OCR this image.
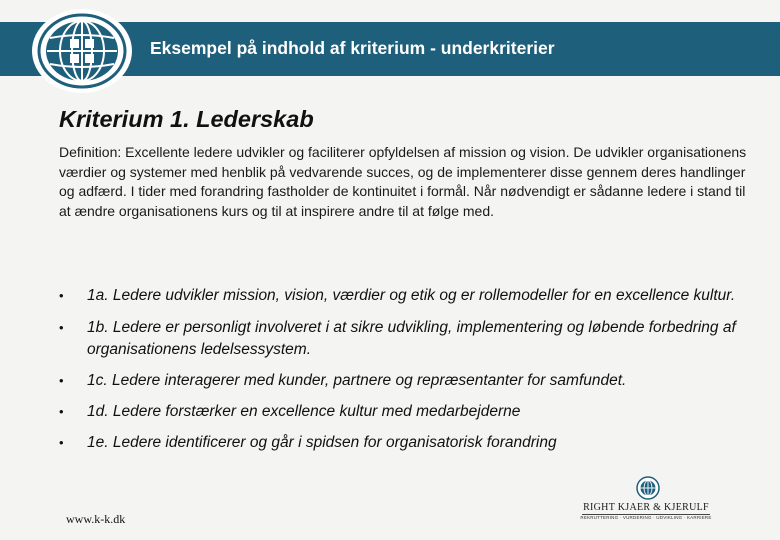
Eksempel på indhold af kriterium - underkriterier
Kriterium 1. Lederskab
Definition: Excellente ledere udvikler og faciliterer opfyldelsen af mission og vision. De udvikler organisationens værdier og systemer med henblik på vedvarende succes, og de implementerer disse gennem deres handlinger og adfærd. I tider med forandring fastholder de kontinuitet i formål. Når nødvendigt er sådanne ledere i stand til at ændre organisationens kurs og til at inspirere andre til at følge med.
• 1a. Ledere udvikler mission, vision, værdier og etik og er rollemodeller for en excellence kultur.
• 1b. Ledere er personligt involveret i at sikre udvikling, implementering og løbende forbedring af organisationens ledelsessystem.
• 1c. Ledere interagerer med kunder, partnere og repræsentanter for samfundet.
• 1d. Ledere forstærker en excellence kultur med medarbejderne
• 1e. Ledere identificerer og går i spidsen for organisatorisk forandring
www.k-k.dk
RIGHT KJAER & KJERULF
REKRUTTERING · VURDERING · UDVIKLING · KARRIERE
